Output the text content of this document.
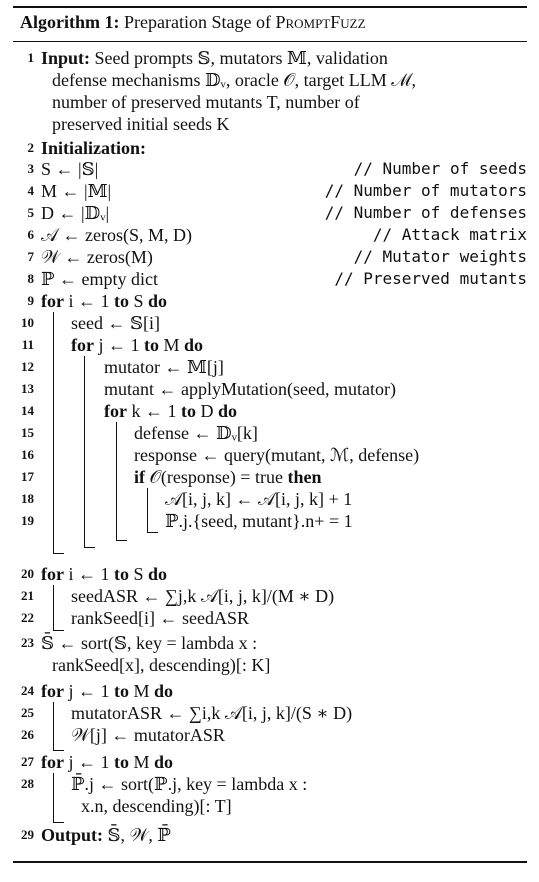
Algorithm 1: Preparation Stage of PromptFuzz
1 Input: Seed prompts 𝕊, mutators 𝕄, validation
defense mechanisms 𝔻ᵥ, oracle 𝒪, target LLM ℳ,
number of preserved mutants T, number of
preserved initial seeds K
2 Initialization:
3 S ← |𝕊|	// Number of seeds
4 M ← |𝕄|	// Number of mutators
5 D ← |𝔻ᵥ|	// Number of defenses
6 𝒜 ← zeros(S, M, D)	// Attack matrix
7 𝒲 ← zeros(M)	// Mutator weights
8 ℙ ← empty dict	// Preserved mutants
9 for i ← 1 to S do
10 seed ← 𝕊[i]
11 for j ← 1 to M do
12	mutator ← 𝕄[j]
13	mutant ← applyMutation(seed, mutator)
14	for k ← 1 to D do
15	defense ← 𝔻ᵥ[k]
16	response ← query(mutant, ℳ, defense)
17	if 𝒪(response) = true then
18	𝒜[i, j, k] ← 𝒜[i, j, k] + 1
19	ℙ.j.{seed, mutant}.n+ = 1
20 for i ← 1 to S do
21 seedASR ← ∑j,k 𝒜[i, j, k]/(M ∗ D)
22 rankSeed[i] ← seedASR
23 𝕊̄ ← sort(𝕊, key = lambda x :
rankSeed[x], descending)[: K]
24 for j ← 1 to M do
25 mutatorASR ← ∑i,k 𝒜[i, j, k]/(S ∗ D)
26 𝒲[j] ← mutatorASR
27 for j ← 1 to M do
28 ℙ̄.j ← sort(ℙ.j, key = lambda x :
x.n, descending)[: T]
29 Output: 𝕊̄, 𝒲, ℙ̄
